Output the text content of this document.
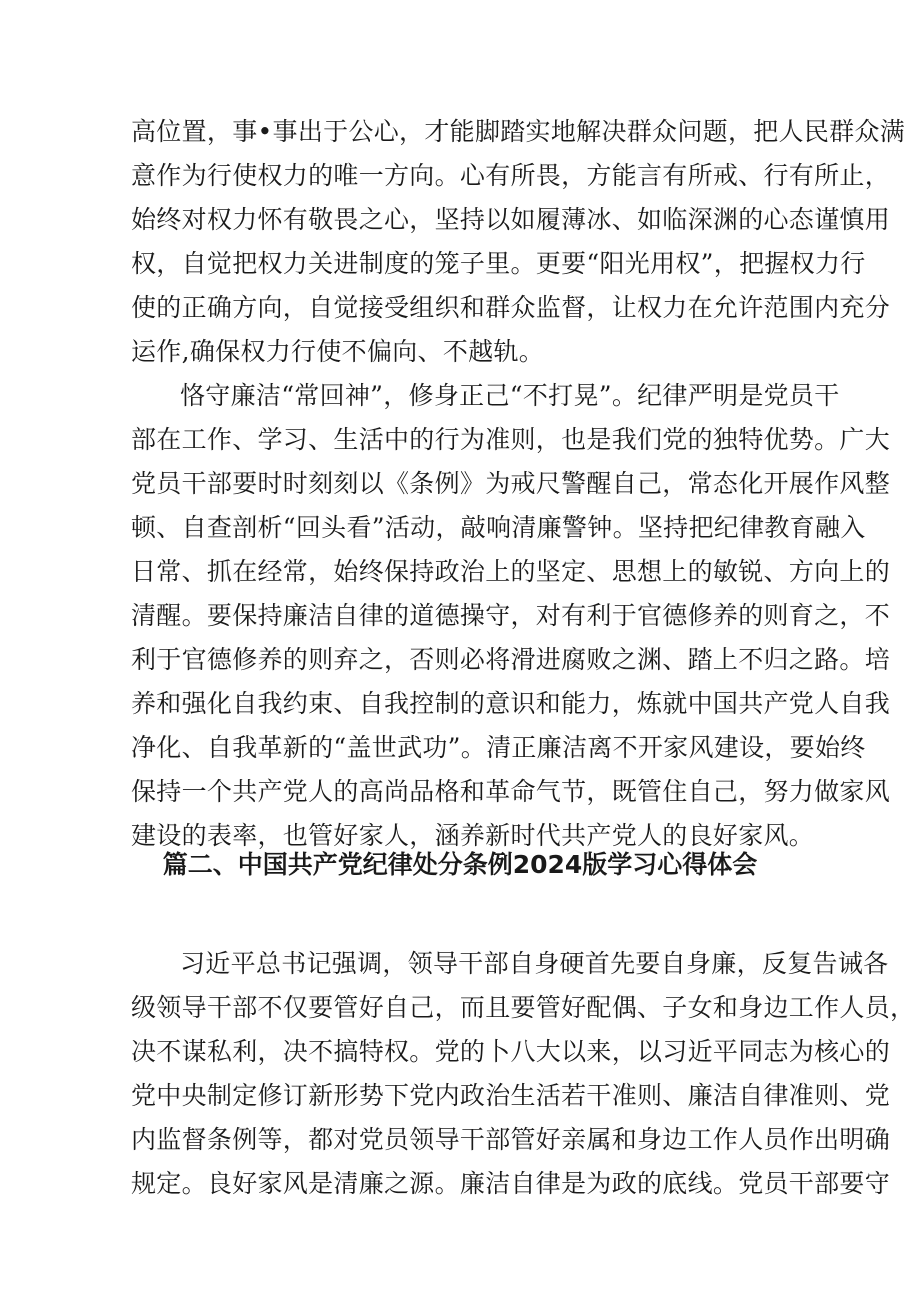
高位置，事•事出于公心，才能脚踏实地解决群众问题，把人民群众满
意作为行使权力的唯一方向。心有所畏，方能言有所戒、行有所止，
始终对权力怀有敬畏之心，坚持以如履薄冰、如临深渊的心态谨慎用
权，自觉把权力关进制度的笼子里。更要“阳光用权”，把握权力行
使的正确方向，自觉接受组织和群众监督，让权力在允许范围内充分
运作,确保权力行使不偏向、不越轨。
恪守廉洁“常回神”，修身正己“不打晃”。纪律严明是党员干
部在工作、学习、生活中的行为准则，也是我们党的独特优势。广大
党员干部要时时刻刻以《条例》为戒尺警醒自己，常态化开展作风整
顿、自查剖析“回头看”活动，敲响清廉警钟。坚持把纪律教育融入
日常、抓在经常，始终保持政治上的坚定、思想上的敏锐、方向上的
清醒。要保持廉洁自律的道德操守，对有利于官德修养的则育之，不
利于官德修养的则弃之，否则必将滑进腐败之渊、踏上不归之路。培
养和强化自我约束、自我控制的意识和能力，炼就中国共产党人自我
净化、自我革新的“盖世武功”。清正廉洁离不开家风建设，要始终
保持一个共产党人的高尚品格和革命气节，既管住自己，努力做家风
建设的表率，也管好家人，涵养新时代共产党人的良好家风。
篇二、中国共产党纪律处分条例2024版学习心得体会
习近平总书记强调，领导干部自身硬首先要自身廉，反复告诫各
级领导干部不仅要管好自己，而且要管好配偶、子女和身边工作人员，
决不谋私利，决不搞特权。党的卜八大以来，以习近平同志为核心的
党中央制定修订新形势下党内政治生活若干准则、廉洁自律准则、党
内监督条例等，都对党员领导干部管好亲属和身边工作人员作出明确
规定。良好家风是清廉之源。廉洁自律是为政的底线。党员干部要守
